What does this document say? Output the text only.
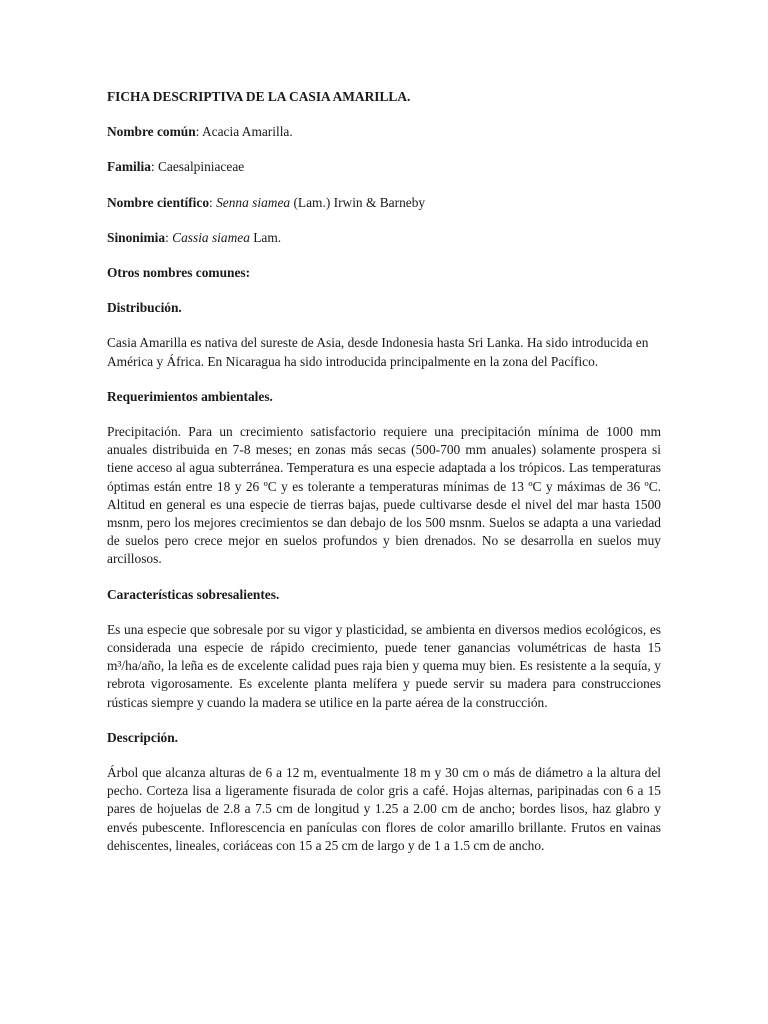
FICHA DESCRIPTIVA DE LA CASIA AMARILLA.

Nombre común: Acacia Amarilla.

Familia: Caesalpiniaceae

Nombre científico: Senna siamea (Lam.) Irwin & Barneby

Sinonimia: Cassia siamea Lam.

Otros nombres comunes:

Distribución.

Casia Amarilla es nativa del sureste de Asia, desde Indonesia hasta Sri Lanka. Ha sido introducida en América y África. En Nicaragua ha sido introducida principalmente en la zona del Pacífico.

Requerimientos ambientales.

Precipitación. Para un crecimiento satisfactorio requiere una precipitación mínima de 1000 mm anuales distribuida en 7-8 meses; en zonas más secas (500-700 mm anuales) solamente prospera si tiene acceso al agua subterránea. Temperatura es una especie adaptada a los trópicos. Las temperaturas óptimas están entre 18 y 26 ºC y es tolerante a temperaturas mínimas de 13 ºC y máximas de 36 ºC. Altitud en general es una especie de tierras bajas, puede cultivarse desde el nivel del mar hasta 1500 msnm, pero los mejores crecimientos se dan debajo de los 500 msnm. Suelos se adapta a una variedad de suelos pero crece mejor en suelos profundos y bien drenados. No se desarrolla en suelos muy arcillosos.

Características sobresalientes.

Es una especie que sobresale por su vigor y plasticidad, se ambienta en diversos medios ecológicos, es considerada una especie de rápido crecimiento, puede tener ganancias volumétricas de hasta 15 m³/ha/año, la leña es de excelente calidad pues raja bien y quema muy bien. Es resistente a la sequía, y rebrota vigorosamente. Es excelente planta melífera y puede servir su madera para construcciones rústicas siempre y cuando la madera se utilice en la parte aérea de la construcción.

Descripción.

Árbol que alcanza alturas de 6 a 12 m, eventualmente 18 m y 30 cm o más de diámetro a la altura del pecho. Corteza lisa a ligeramente fisurada de color gris a café. Hojas alternas, paripinadas con 6 a 15 pares de hojuelas de 2.8 a 7.5 cm de longitud y 1.25 a 2.00 cm de ancho; bordes lisos, haz glabro y envés pubescente. Inflorescencia en panículas con flores de color amarillo brillante. Frutos en vainas dehiscentes, lineales, coriáceas con 15 a 25 cm de largo y de 1 a 1.5 cm de ancho.
